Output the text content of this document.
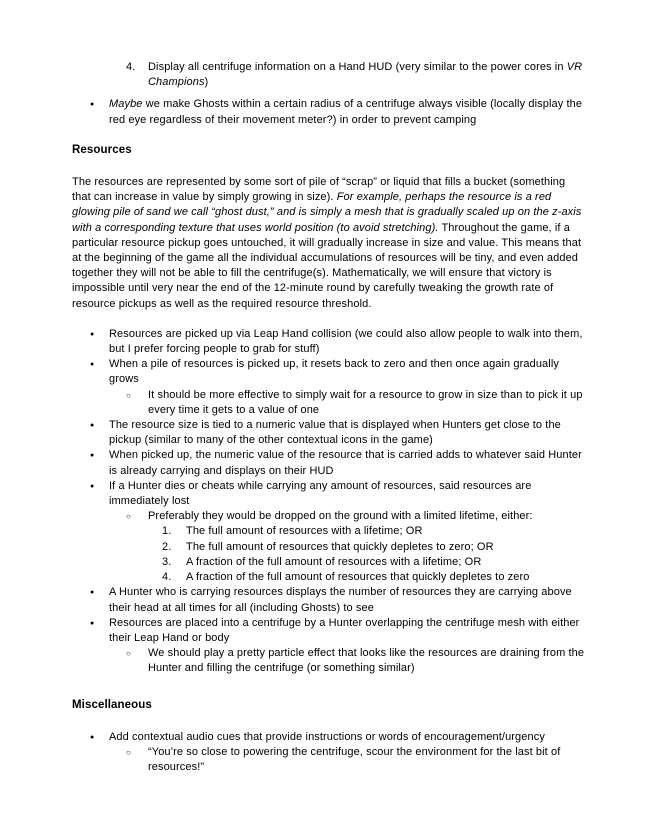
4.	Display all centrifuge information on a Hand HUD (very similar to the power cores in VR Champions)
●	Maybe we make Ghosts within a certain radius of a centrifuge always visible (locally display the red eye regardless of their movement meter?) in order to prevent camping
Resources

The resources are represented by some sort of pile of “scrap” or liquid that fills a bucket (something that can increase in value by simply growing in size). For example, perhaps the resource is a red glowing pile of sand we call “ghost dust,” and is simply a mesh that is gradually scaled up on the z-axis with a corresponding texture that uses world position (to avoid stretching). Throughout the game, if a particular resource pickup goes untouched, it will gradually increase in size and value. This means that at the beginning of the game all the individual accumulations of resources will be tiny, and even added together they will not be able to fill the centrifuge(s). Mathematically, we will ensure that victory is impossible until very near the end of the 12-minute round by carefully tweaking the growth rate of resource pickups as well as the required resource threshold.

●	Resources are picked up via Leap Hand collision (we could also allow people to walk into them, but I prefer forcing people to grab for stuff)
●	When a pile of resources is picked up, it resets back to zero and then once again gradually grows
○	It should be more effective to simply wait for a resource to grow in size than to pick it up every time it gets to a value of one
●	The resource size is tied to a numeric value that is displayed when Hunters get close to the pickup (similar to many of the other contextual icons in the game)
●	When picked up, the numeric value of the resource that is carried adds to whatever said Hunter is already carrying and displays on their HUD
●	If a Hunter dies or cheats while carrying any amount of resources, said resources are immediately lost
○	Preferably they would be dropped on the ground with a limited lifetime, either:
1.	The full amount of resources with a lifetime; OR
2.	The full amount of resources that quickly depletes to zero; OR
3.	A fraction of the full amount of resources with a lifetime; OR
4.	A fraction of the full amount of resources that quickly depletes to zero
●	A Hunter who is carrying resources displays the number of resources they are carrying above their head at all times for all (including Ghosts) to see
●	Resources are placed into a centrifuge by a Hunter overlapping the centrifuge mesh with either their Leap Hand or body
○	We should play a pretty particle effect that looks like the resources are draining from the Hunter and filling the centrifuge (or something similar)
Miscellaneous
●	Add contextual audio cues that provide instructions or words of encouragement/urgency
○	“You’re so close to powering the centrifuge, scour the environment for the last bit of resources!”
